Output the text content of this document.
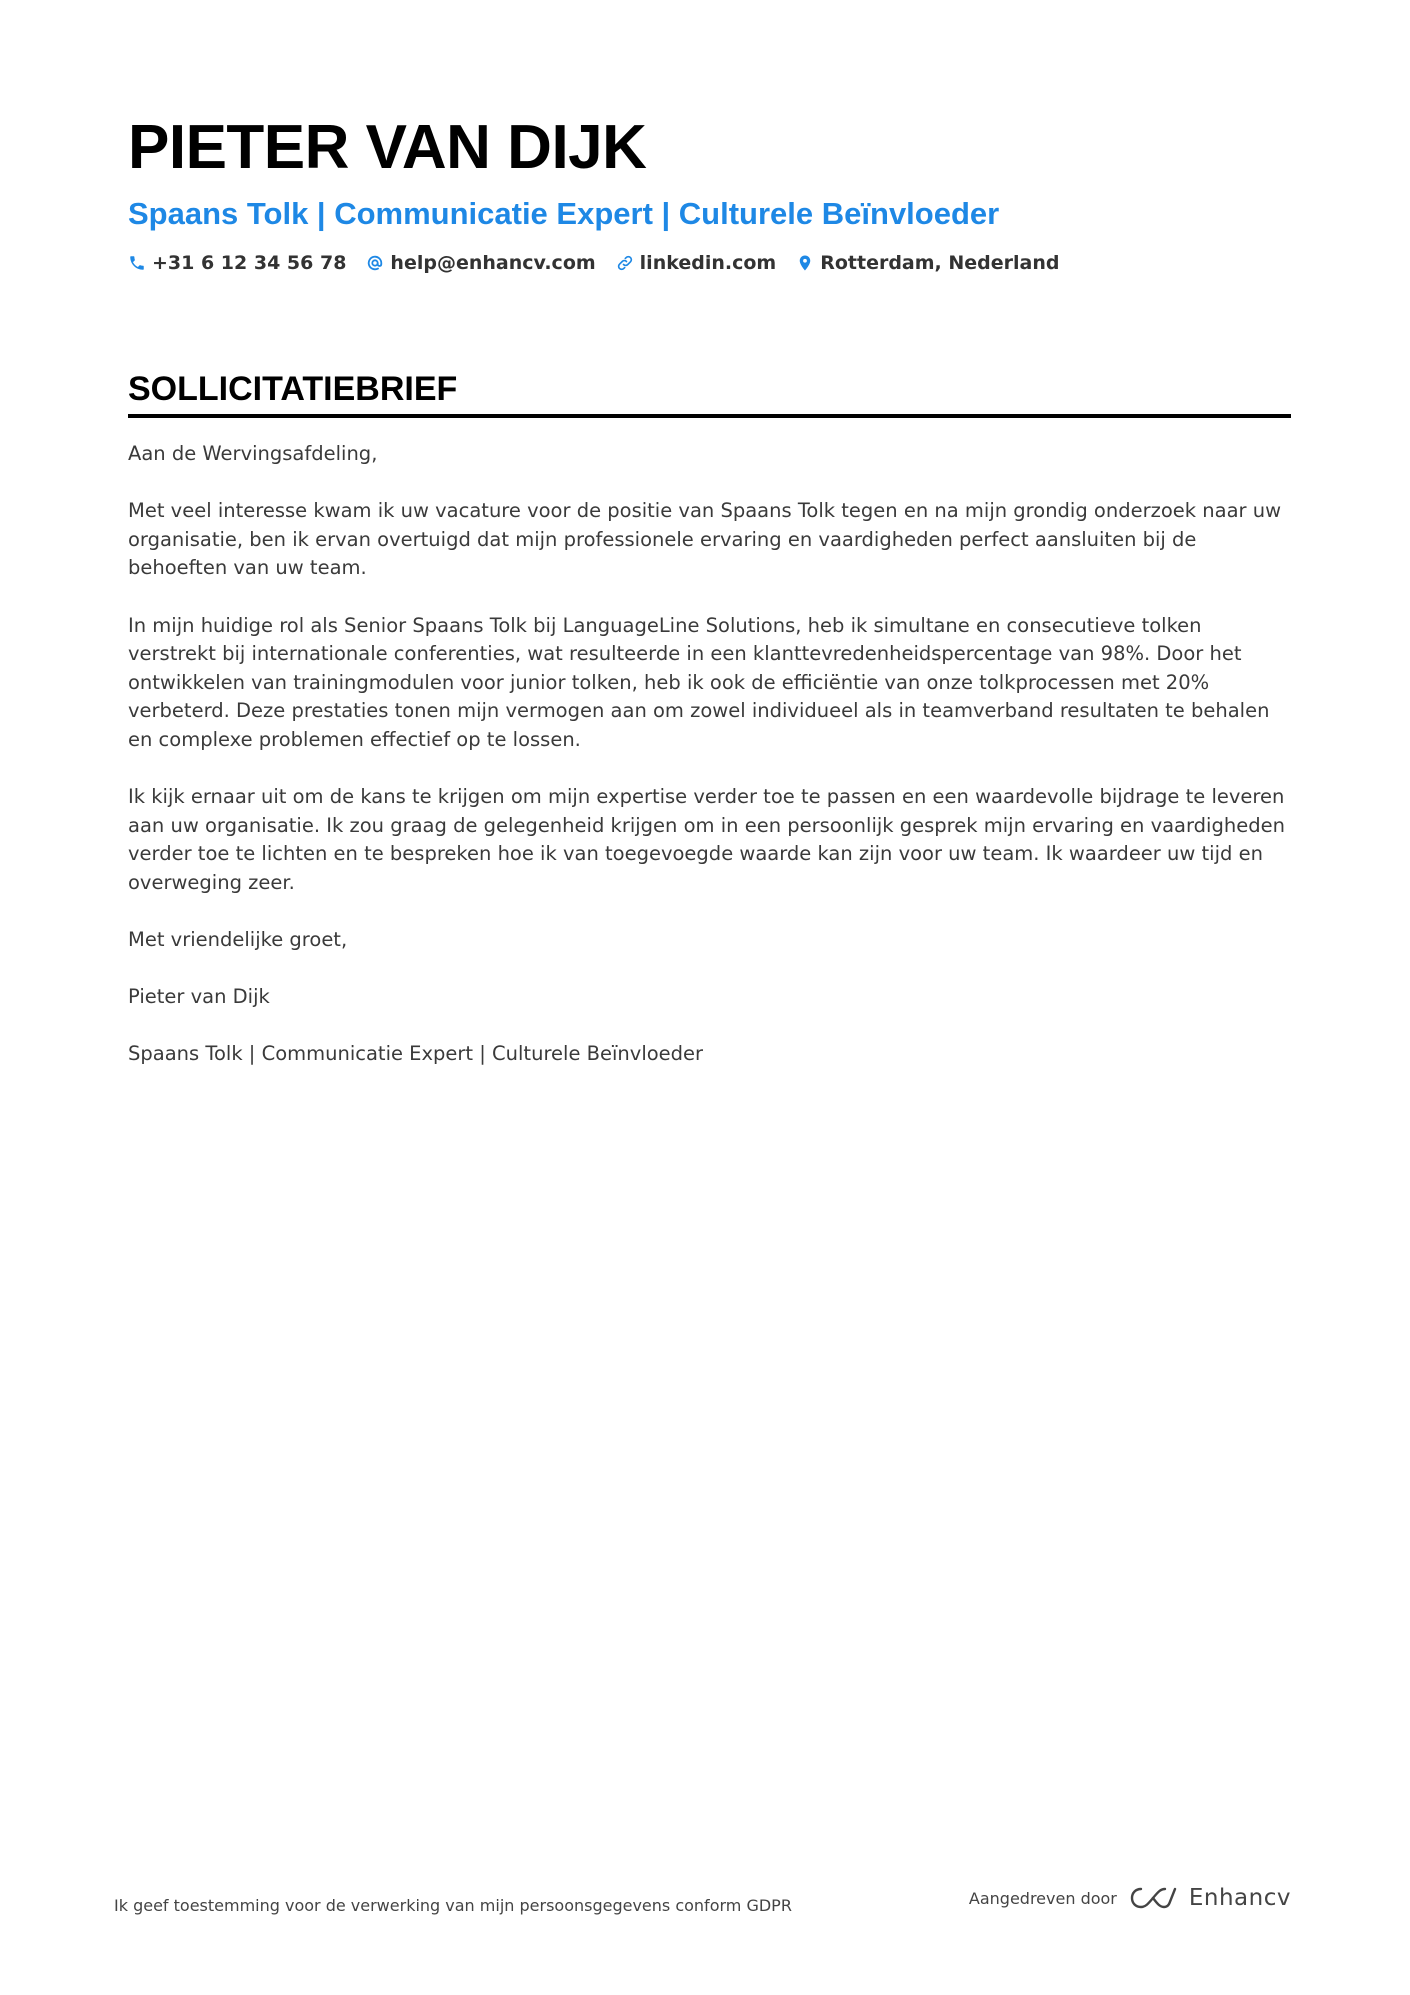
PIETER VAN DIJK
Spaans Tolk | Communicatie Expert | Culturele Beïnvloeder
+31 6 12 34 56 78 help@enhancv.com linkedin.com Rotterdam, Nederland
SOLLICITATIEBRIEF

Aan de Wervingsafdeling,

Met veel interesse kwam ik uw vacature voor de positie van Spaans Tolk tegen en na mijn grondig onderzoek naar uw organisatie, ben ik ervan overtuigd dat mijn professionele ervaring en vaardigheden perfect aansluiten bij de behoeften van uw team.

In mijn huidige rol als Senior Spaans Tolk bij LanguageLine Solutions, heb ik simultane en consecutieve tolken verstrekt bij internationale conferenties, wat resulteerde in een klanttevredenheidspercentage van 98%. Door het ontwikkelen van trainingmodulen voor junior tolken, heb ik ook de efficiëntie van onze tolkprocessen met 20% verbeterd. Deze prestaties tonen mijn vermogen aan om zowel individueel als in teamverband resultaten te behalen en complexe problemen effectief op te lossen.

Ik kijk ernaar uit om de kans te krijgen om mijn expertise verder toe te passen en een waardevolle bijdrage te leveren aan uw organisatie. Ik zou graag de gelegenheid krijgen om in een persoonlijk gesprek mijn ervaring en vaardigheden verder toe te lichten en te bespreken hoe ik van toegevoegde waarde kan zijn voor uw team. Ik waardeer uw tijd en overweging zeer.

Met vriendelijke groet,

Pieter van Dijk

Spaans Tolk | Communicatie Expert | Culturele Beïnvloeder

Ik geef toestemming voor de verwerking van mijn persoonsgegevens conform GDPR	Aangedreven door	Enhancv
